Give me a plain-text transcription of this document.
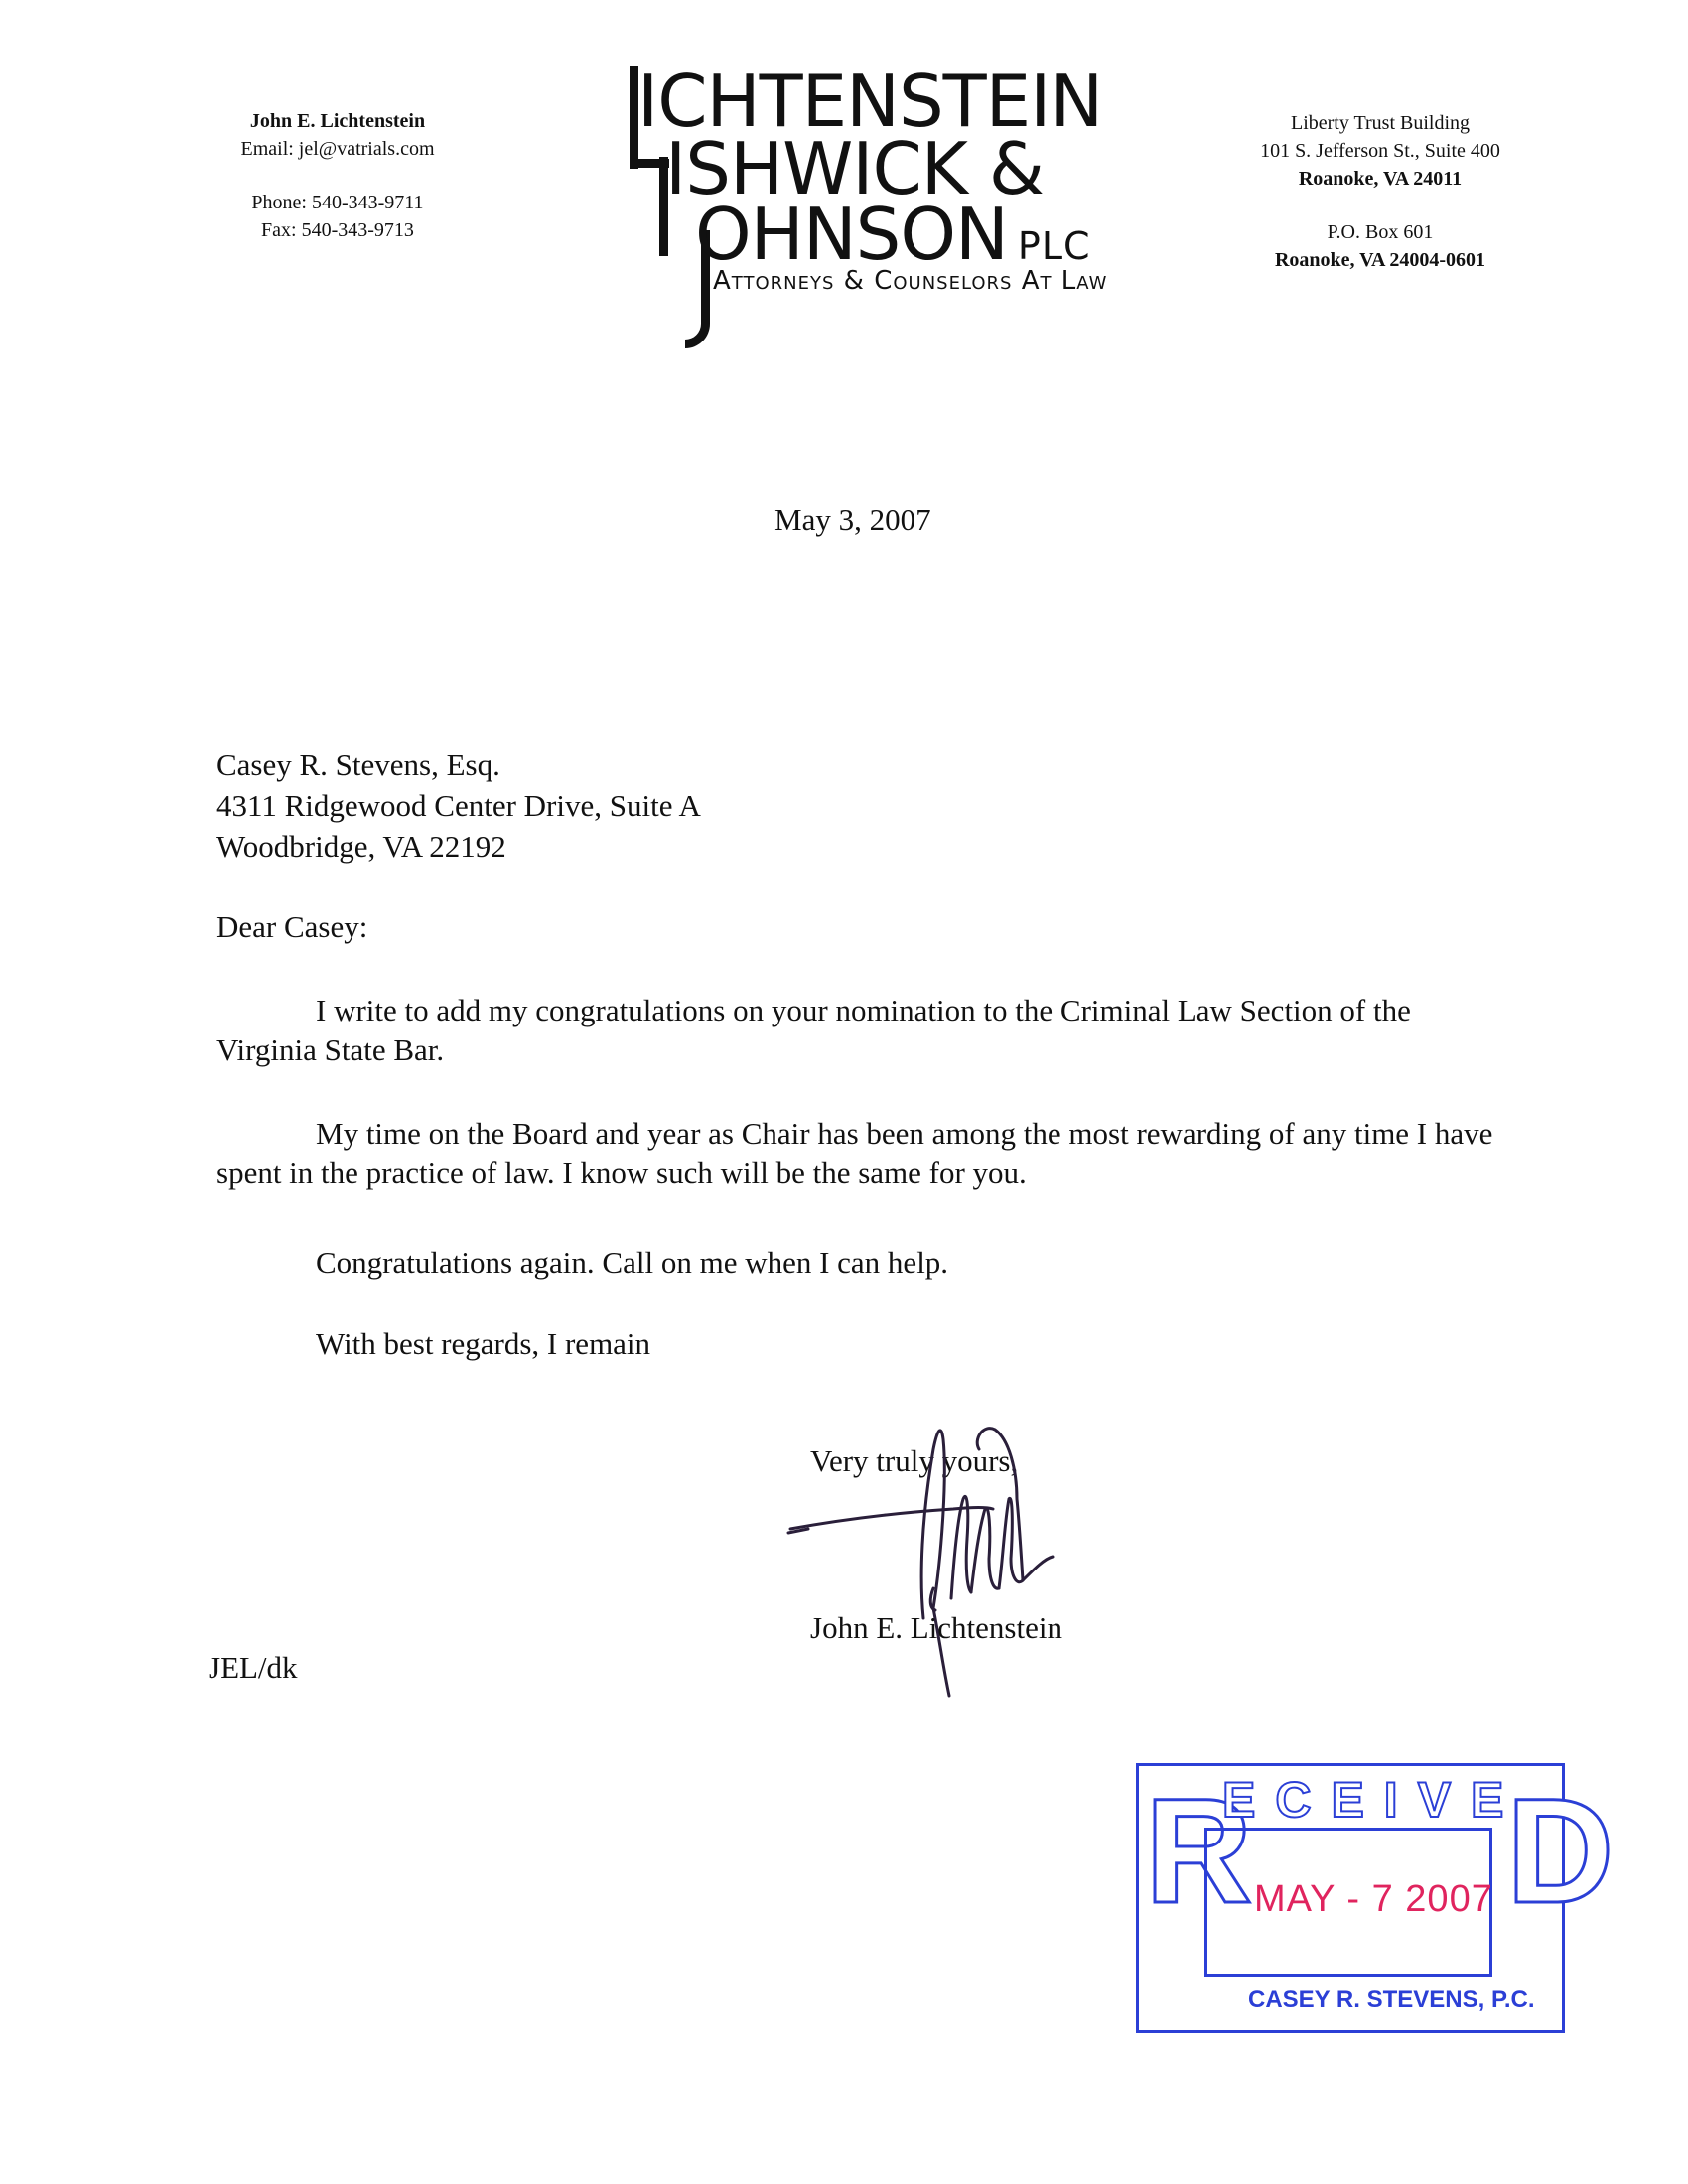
John E. Lichtenstein
Email: jel@vatrials.com
Phone: 540-343-9711
Fax: 540-343-9713
ICHTENSTEIN
ISHWICK &
OHNSON PLC
Attorneys & Counselors At Law
Liberty Trust Building
101 S. Jefferson St., Suite 400
Roanoke, VA 24011
P.O. Box 601
Roanoke, VA 24004-0601
May 3, 2007
Casey R. Stevens, Esq.
4311 Ridgewood Center Drive, Suite A
Woodbridge, VA 22192
Dear Casey:
I write to add my congratulations on your nomination to the Criminal Law Section of the Virginia State Bar.
My time on the Board and year as Chair has been among the most rewarding of any time I have spent in the practice of law. I know such will be the same for you.
Congratulations again. Call on me when I can help.
With best regards, I remain
Very truly yours,
John E. Lichtenstein
JEL/dk
R
ECEIVE
D
MAY - 7 2007
CASEY R. STEVENS, P.C.
